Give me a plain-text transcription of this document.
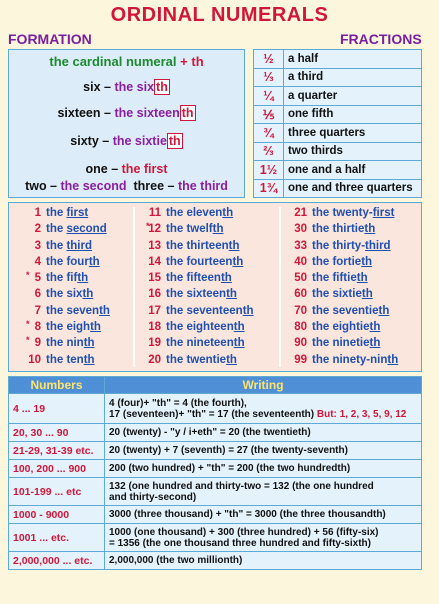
ORDINAL NUMERALS
FORMATION	FRACTIONS
the cardinal numeral + th
six – the six th
sixteen – the sixteen th
sixty – the sixtie th
one – the first
two – the second three – the third
½	a half
⅓	a third
¼	a quarter
⅕	one fifth
¾	three quarters
⅔	two thirds
1½	one and a half
1¾	one and three quarters
1 the first
2 the second
3 the third
4 the fourth
* 5 the fifth
6 the sixth
7 the seventh
* 8 the eighth
* 9 the ninth
10 the tenth
11 the eleventh
*
12 the twelfth
13 the thirteenth
14 the fourteenth
15 the fifteenth
16 the sixteenth
17 the seventeenth
18 the eighteenth
19 the nineteenth
20 the twentieth
21 the twenty-first
30 the thirtieth
33 the thirty-third
40 the fortieth
50 the fiftieth
60 the sixtieth
70 the seventieth
80 the eightieth
90 the ninetieth
99 the ninety-ninth
Numbers	Writing
4 ... 19	4 (four)+ "th" = 4 (the fourth),
17 (seventeen)+ "th" = 17 (the seventeenth) But: 1, 2, 3, 5, 9, 12
20, 30 ... 90	20 (twenty) - "y / i+eth" = 20 (the twentieth)
21-29, 31-39 etc.	20 (twenty) + 7 (seventh) = 27 (the twenty-seventh)
100, 200 ... 900	200 (two hundred) + "th" = 200 (the two hundredth)
101-199 ... etc	132 (one hundred and thirty-two = 132 (the one hundred
and thirty-second)
1000 - 9000	3000 (three thousand) + "th" = 3000 (the three thousandth)
1001 ... etc.	1000 (one thousand) + 300 (three hundred) + 56 (fifty-six)
= 1356 (the one thousand three hundred and fifty-sixth)
2,000,000 ... etc.	2,000,000 (the two millionth)
